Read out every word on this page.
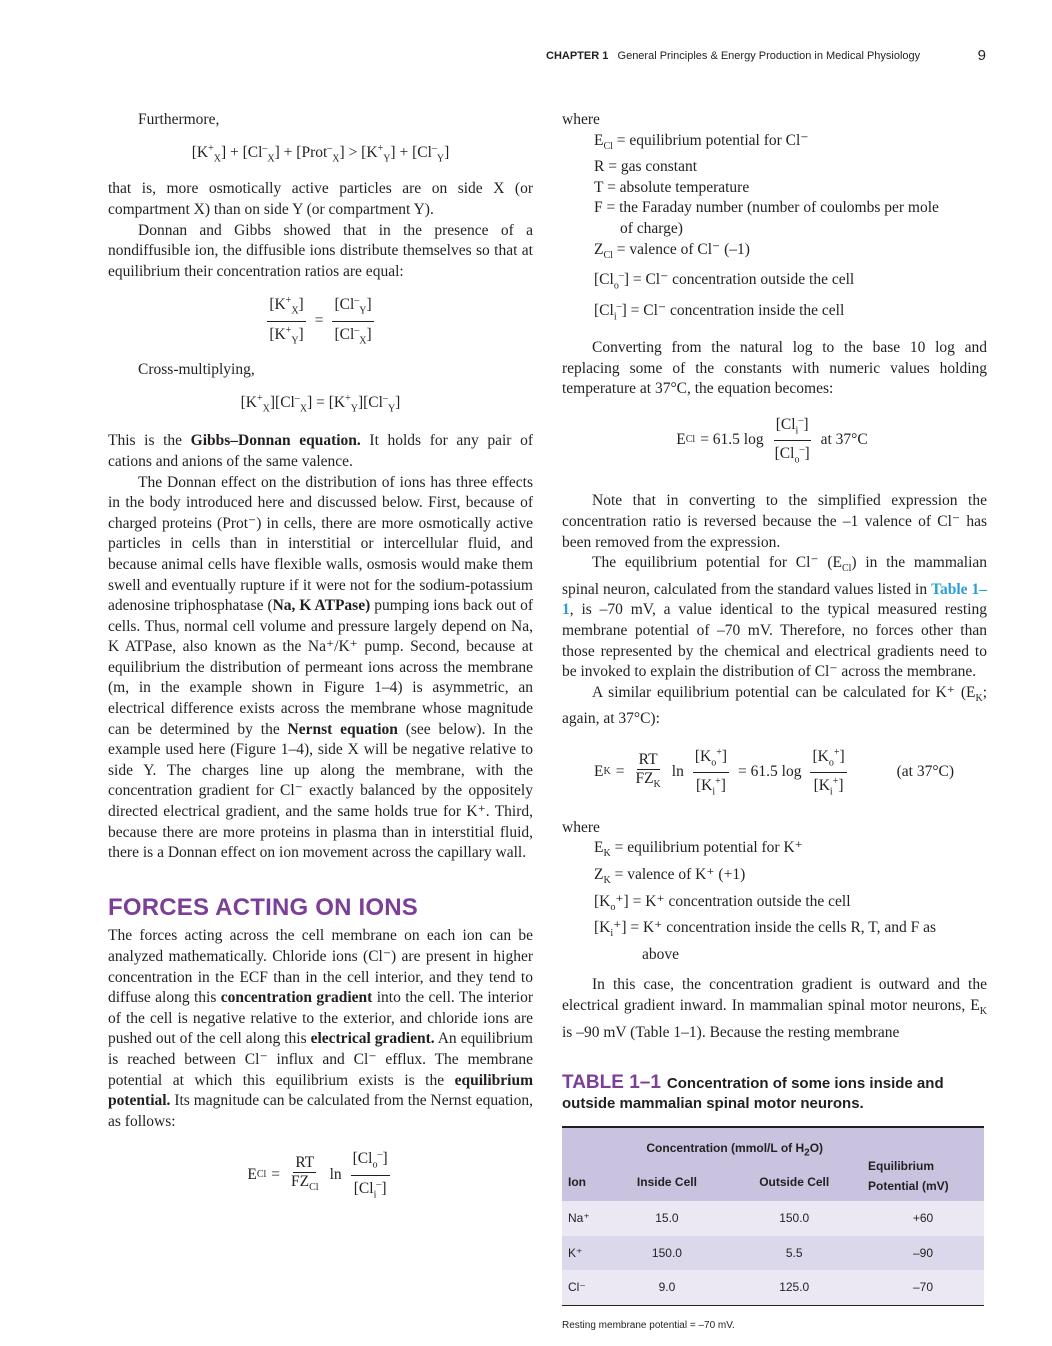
CHAPTER 1 General Principles & Energy Production in Medical Physiology	9

Furthermore,

$[K^+_X] + [Cl^-_X]$ + [Prot–$_X$] > $[K^+_Y] + [Cl^-_Y]$

that is, more osmotically active particles are on side X (or compartment X) than on side Y (or compartment Y).

Donnan and Gibbs showed that in the presence of a nondiffusible ion, the diffusible ions distribute themselves so that at equilibrium their concentration ratios are equal:

$\frac{[K^+_X]}{[K^+_Y]} = \frac{[Cl^-_Y]}{[Cl^-_X]}$

Cross-multiplying,

$[K^+_X][Cl^-_X] = [K^+_Y][Cl^-_Y]$

This is the Gibbs–Donnan equation. It holds for any pair of cations and anions of the same valence.

The Donnan effect on the distribution of ions has three effects in the body introduced here and discussed below. First, because of charged proteins (Prot⁻) in cells, there are more osmotically active particles in cells than in interstitial or intercellular fluid, and because animal cells have flexible walls, osmosis would make them swell and eventually rupture if it were not for the sodium-potassium adenosine triphosphatase (Na, K ATPase) pumping ions back out of cells. Thus, normal cell volume and pressure largely depend on Na, K ATPase, also known as the Na⁺/K⁺ pump. Second, because at equilibrium the distribution of permeant ions across the membrane (m, in the example shown in Figure 1–4) is asymmetric, an electrical difference exists across the membrane whose magnitude can be determined by the Nernst equation (see below). In the example used here (Figure 1–4), side X will be negative relative to side Y. The charges line up along the membrane, with the concentration gradient for Cl⁻ exactly balanced by the oppositely directed electrical gradient, and the same holds true for K⁺. Third, because there are more proteins in plasma than in interstitial fluid, there is a Donnan effect on ion movement across the capillary wall.

FORCES ACTING ON IONS

The forces acting across the cell membrane on each ion can be analyzed mathematically. Chloride ions (Cl⁻) are present in higher concentration in the ECF than in the cell interior, and they tend to diffuse along this concentration gradient into the cell. The interior of the cell is negative relative to the exterior, and chloride ions are pushed out of the cell along this electrical gradient. An equilibrium is reached between Cl⁻ influx and Cl⁻ efflux. The membrane potential at which this equilibrium exists is the equilibrium potential. Its magnitude can be calculated from the Nernst equation, as follows:

E $Cl = \frac{RT}{FZ_{Cl}}$ $\ln \frac{[Cl_o^-]}{[Cl_i^-]}$

where

$E_{Cl}$ = equilibrium potential for Cl⁻

R = gas constant

T = absolute temperature

F = the Faraday number (number of coulombs per mole

of charge)

$Z_{Cl}$ = valence of Cl⁻ (–1)

$[Cl_o^-] = Cl^-$ concentration outside the cell

$[Cl_i^-] = Cl^-$ concentration inside the cell

Converting from the natural log to the base 10 log and replacing some of the constants with numeric values holding temperature at 37°C, the equation becomes:

E Cl = 61.5 $\log \frac{[Cl_i^-]}{[Cl_o^-]}$ at 37°C

Note that in converting to the simplified expression the concentration ratio is reversed because the –1 valence of Cl⁻ has been removed from the expression.

The equilibrium potential for Cl⁻ $(E_{Cl})$ in the mammalian spinal neuron, calculated from the standard values listed in Table 1–1, is –70 mV, a value identical to the typical measured resting membrane potential of –70 mV. Therefore, no forces other than those represented by the chemical and electrical gradients need to be invoked to explain the distribution of Cl⁻ across the membrane.

A similar equilibrium potential can be calculated for K⁺ ($E_K$; again, at 37°C):

E $K = \frac{RT}{FZ_K}$ $\ln \frac{[K_o^+]}{[K_i^+]} = 61.5$ $\log \frac{[K_o^+]}{[K_i^+]}$	(at 37°C)

where

$E_K$ = equilibrium potential for K⁺

$Z_K$ = valence of K⁺ (+1)

$[K_o^+] = K^+$ concentration outside the cell

$[K_i^+] = K^+$ concentration inside the cells R, T, and F as

above

In this case, the concentration gradient is outward and the electrical gradient inward. In mammalian spinal motor neurons, $E_K$ is –90 mV (Table 1–1). Because the resting membrane

TABLE 1–1 Concentration of some ions inside and outside mammalian spinal motor neurons.
	Concentration (mmol/L of $H_2O$)		Equilibrium Potential (mV)
Ion	Inside Cell	Outside Cell	
Na⁺	15.0	150.0	+60
K⁺	150.0	5.5	–90
Cl⁻	9.0	125.0	–70
Resting membrane potential = –70 mV.
